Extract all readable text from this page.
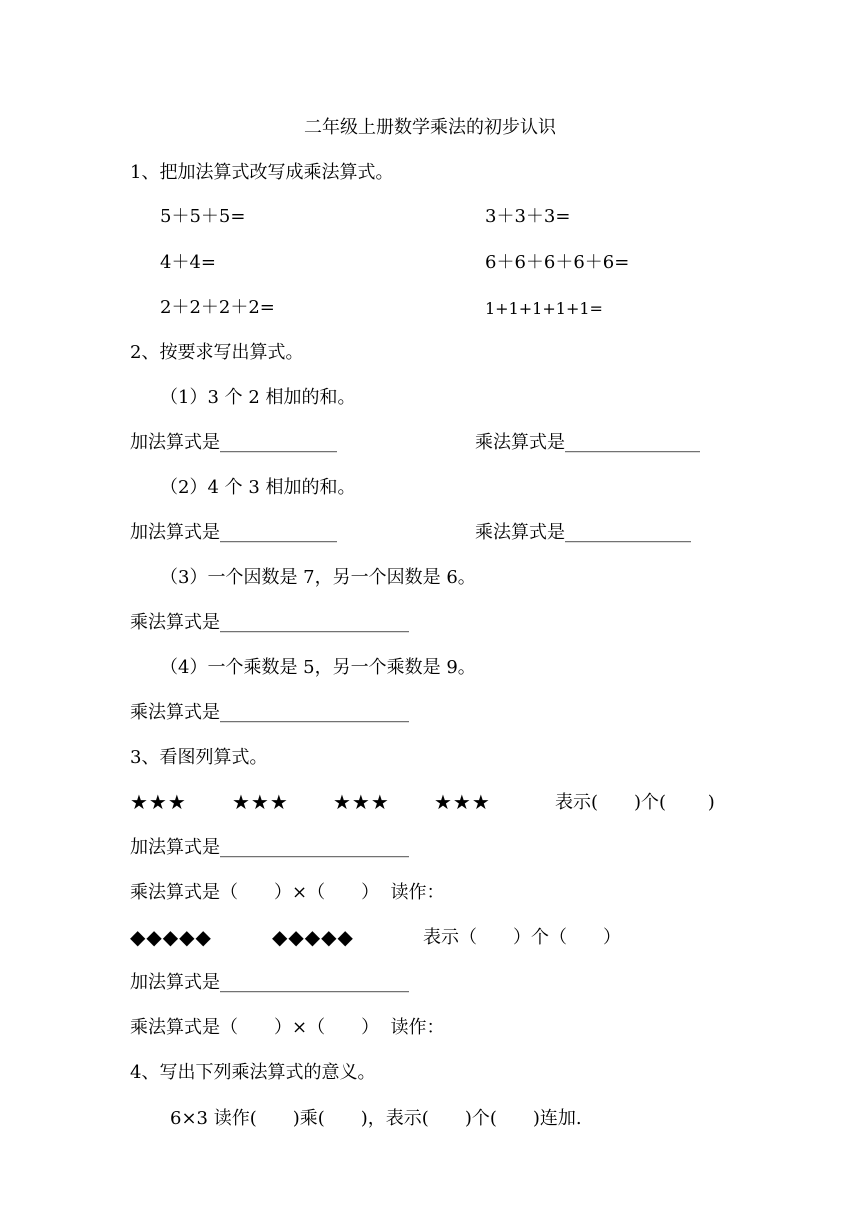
二年级上册数学乘法的初步认识
1、把加法算式改写成乘法算式。
5＋5＋5=	3＋3＋3=
4＋4=	6＋6＋6＋6＋6=
2＋2＋2＋2=	1+1+1+1+1=
2、按要求写出算式。
（1）3 个 2 相加的和。
加法算式是_____________	乘法算式是_______________
（2）4 个 3 相加的和。
加法算式是_____________	乘法算式是______________
（3）一个因数是 7，另一个因数是 6。
乘法算式是_____________________
（4）一个乘数是 5，另一个乘数是 9。
乘法算式是_____________________
3、看图列算式。
★★★ ★★★ ★★★ ★★★	表示(　　)个(　　 )
加法算式是_____________________
乘法算式是（　　）×（　　）  读作：
◆◆◆◆◆	◆◆◆◆◆	表示（　　）个（　　）
加法算式是_____________________
乘法算式是（　　）×（　　）  读作：
4、写出下列乘法算式的意义。
6×3 读作(　　)乘(　　)，表示(　　)个(　　)连加.
